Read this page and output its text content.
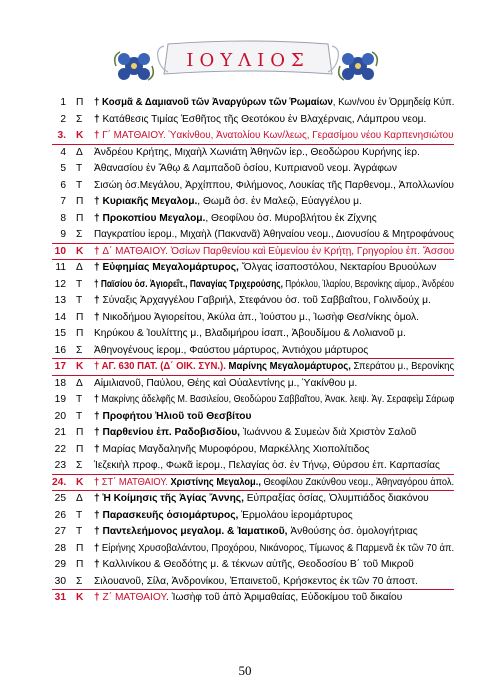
ΙΟΥΛΙΟΣ
1 Π	† Κοσμᾶ & Δαμιανοῦ τῶν Ἀναργύρων τῶν Ῥωμαίων, Κων/νου ἐν Ὀρμηδείᾳ Κύπ.
2 Σ	† Κατάθεσις Τιμίας Ἐσθῆτος τῆς Θεοτόκου ἐν Βλαχέρναις, Λάμπρου νεομ.
3. Κ	† Γ΄ ΜΑΤΘΑΙΟΥ. Ὑακίνθου, Ἀνατολίου Κων/λεως, Γερασίμου νέου Καρπενησιώτου
4 Δ	Ἀνδρέου Κρήτης, Μιχαὴλ Χωνιάτη Ἀθηνῶν ἱερ., Θεοδώρου Κυρήνης ἱερ.
5 Τ	Ἀθανασίου ἐν Ἄθῳ & Λαμπαδοῦ ὁσίου, Κυπριανοῦ νεομ. Ἀγράφων
6 Τ	Σισώη ὁσ.Μεγάλου, Ἀρχίππου, Φιλήμονος, Λουκίας τῆς Παρθενομ., Ἀπολλωνίου
7 Π	† Κυριακῆς Μεγαλομ., Θωμᾶ ὁσ. ἐν Μαλεῷ, Εὐαγγέλου μ.
8 Π	† Προκοπίου Μεγαλομ., Θεοφίλου ὁσ. Μυροβλήτου ἐκ Ζίχνης
9 Σ	Παγκρατίου ἱερομ., Μιχαὴλ (Πακνανᾶ) Ἀθηναίου νεομ., Διονυσίου & Μητροφάνους
10 Κ	† Δ΄ ΜΑΤΘΑΙΟΥ. Ὁσίων Παρθενίου καὶ Εὐμενίου ἐν Κρήτῃ, Γρηγορίου ἐπ. Ἄσσου
11 Δ	† Εὐφημίας Μεγαλομάρτυρος, Ὄλγας ἰσαποστόλου, Νεκταρίου Βρυούλων
12 Τ	† Παϊσίου ὁσ. Ἁγιορεΐτ., Παναγίας Τριχερούσης, Πρόκλου, Ἱλαρίου, Βερονίκης αἱμορ., Ἀνδρέου
13 Τ	† Σύναξις Ἀρχαγγέλου Γαβριήλ, Στεφάνου ὁσ. τοῦ Σαββαΐτου, Γολινδούχ μ.
14 Π	† Νικοδήμου Ἁγιορείτου, Ἀκύλα ἀπ., Ἰούστου μ., Ἰωσὴφ Θεσ/νίκης ὁμολ.
15 Π	Κηρύκου & Ἰουλίττης μ., Βλαδιμήρου ἰσαπ., Ἀβουδίμου & Λολιανοῦ μ.
16 Σ	Ἀθηνογένους ἱερομ., Φαύστου μάρτυρος, Ἀντιόχου μάρτυρος
17 Κ	† ΑΓ. 630 ΠΑΤ. (Δ΄ ΟΙΚ. ΣΥΝ.). Μαρίνης Μεγαλομάρτυρος, Σπεράτου μ., Βερονίκης
18 Δ	Αἰμιλιανοῦ, Παύλου, Θέης καὶ Οὐαλεντίνης μ., Ὑακίνθου μ.
19 Τ	† Μακρίνης ἀδελφῆς Μ. Βασιλείου, Θεοδώρου Σαββαΐτου, Ἀνακ. λειψ. Ἁγ. Σεραφεὶμ Σάρωφ
20 Τ	† Προφήτου Ἠλιοῦ τοῦ Θεσβίτου
21 Π	† Παρθενίου ἐπ. Ραδοβισδίου, Ἰωάννου & Συμεὼν διὰ Χριστὸν Σαλοῦ
22 Π	† Μαρίας Μαγδαληνῆς Μυροφόρου, Μαρκέλλης Χιοπολίτιδος
23 Σ	Ἰεζεκιὴλ προφ., Φωκᾶ ἱερομ., Πελαγίας ὁσ. ἐν Τήνῳ, Θύρσου ἐπ. Καρπασίας
24. Κ	† ΣΤ΄ ΜΑΤΘΑΙΟΥ. Χριστίνης Μεγαλομ., Θεοφίλου Ζακύνθου νεομ., Ἀθηναγόρου ἀπολ.
25 Δ	† Ἡ Κοίμησις τῆς Ἁγίας Ἄννης, Εὐπραξίας ὁσίας, Ὀλυμπιάδος διακόνου
26 Τ	† Παρασκευῆς ὁσιομάρτυρος, Ἑρμολάου ἱερομάρτυρος
27 Τ	† Παντελεήμονος μεγαλομ. & Ἰαματικοῦ, Ἀνθούσης ὁσ. ὁμολογήτριας
28 Π	† Εἰρήνης Χρυσοβαλάντου, Προχόρου, Νικάνορος, Τίμωνος & Παρμενᾶ ἐκ τῶν 70 ἀπ.
29 Π	† Καλλινίκου & Θεοδότης μ. & τέκνων αὐτῆς, Θεοδοσίου Β΄ τοῦ Μικροῦ
30 Σ	Σιλουανοῦ, Σίλα, Ἀνδρονίκου, Ἐπαινετοῦ, Κρήσκεντος ἐκ τῶν 70 ἀποστ.
31 Κ	† Ζ΄ ΜΑΤΘΑΙΟΥ. Ἰωσὴφ τοῦ ἀπὸ Ἀριμαθαίας, Εὐδοκίμου τοῦ δικαίου
50
